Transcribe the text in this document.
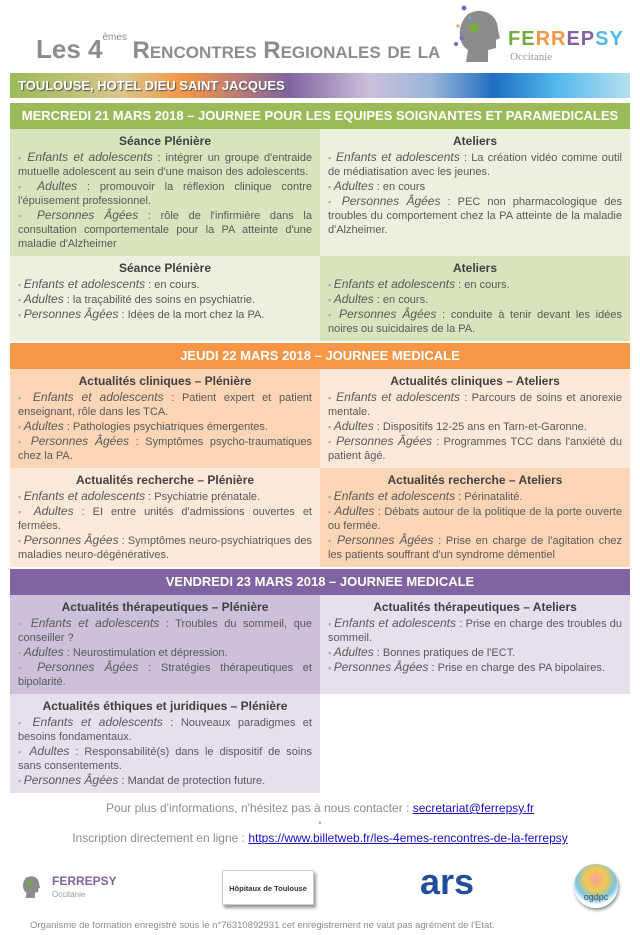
Les 4èmes Rencontres Regionales de la	FERREPSY
Occitanie
TOULOUSE, HOTEL DIEU SAINT JACQUES
MERCREDI 21 MARS 2018 – JOURNEE POUR LES EQUIPES SOIGNANTES ET PARAMEDICALES
Séance Plénière
▪ Enfants et adolescents : intégrer un groupe d'entraide mutuelle adolescent au sein d'une maison des adolescents.
▪ Adultes : promouvoir la réflexion clinique contre l'épuisement professionnel.
▪ Personnes Âgées : rôle de l'infirmière dans la consultation comportementale pour la PA atteinte d'une maladie d'Alzheimer
Ateliers
▪ Enfants et adolescents : La création vidéo comme outil de médiatisation avec les jeunes.
▪ Adultes : en cours
▪ Personnes Âgées : PEC non pharmacologique des troubles du comportement chez la PA atteinte de la maladie d'Alzheimer.
Séance Plénière
▪ Enfants et adolescents : en cours.
▪ Adultes : la traçabilité des soins en psychiatrie.
▪ Personnes Âgées : Idées de la mort chez la PA.
Ateliers
▪ Enfants et adolescents : en cours.
▪ Adultes : en cours.
▪ Personnes Âgées : conduite à tenir devant les idées noires ou suicidaires de la PA.
JEUDI 22 MARS 2018 – JOURNEE MEDICALE
Actualités cliniques – Plénière
▪ Enfants et adolescents : Patient expert et patient enseignant, rôle dans les TCA.
▪ Adultes : Pathologies psychiatriques émergentes.
▪ Personnes Âgées : Symptômes psycho-traumatiques chez la PA.
Actualités cliniques – Ateliers
▪ Enfants et adolescents : Parcours de soins et anorexie mentale.
▪ Adultes : Dispositifs 12-25 ans en Tarn-et-Garonne.
▪ Personnes Âgées : Programmes TCC dans l'anxiété du patient âgé.
Actualités recherche – Plénière
▪ Enfants et adolescents : Psychiatrie prénatale.
▪ Adultes : EI entre unités d'admissions ouvertes et fermées.
▪ Personnes Âgées : Symptômes neuro-psychiatriques des maladies neuro-dégénératives.
Actualités recherche – Ateliers
▪ Enfants et adolescents : Périnatalité.
▪ Adultes : Débats autour de la politique de la porte ouverte ou fermée.
▪ Personnes Âgées : Prise en charge de l'agitation chez les patients souffrant d'un syndrome démentiel
VENDREDI 23 MARS 2018 – JOURNEE MEDICALE
Actualités thérapeutiques – Plénière
▪ Enfants et adolescents : Troubles du sommeil, que conseiller ?
▪ Adultes : Neurostimulation et dépression.
▪ Personnes Âgées : Stratégies thérapeutiques et bipolarité.
Actualités thérapeutiques – Ateliers
▪ Enfants et adolescents : Prise en charge des troubles du sommeil.
▪ Adultes : Bonnes pratiques de l'ECT.
▪ Personnes Âgées : Prise en charge des PA bipolaires.
Actualités éthiques et juridiques – Plénière
▪ Enfants et adolescents : Nouveaux paradigmes et besoins fondamentaux.
▪ Adultes : Responsabilité(s) dans le dispositif de soins sans consentements.
▪ Personnes Âgées : Mandat de protection future.
Pour plus d'informations, n'hésitez pas à nous contacter : secretariat@ferrepsy.fr
•
Inscription directement en ligne : https://www.billetweb.fr/les-4emes-rencontres-de-la-ferrepsy
FERREPSY
Occitanie
Hôpitaux de Toulouse	ars	ogdpc
Organisme de formation enregistré sous le n°76310892931 cet enregistrement ne vaut pas agrément de l'Etat.
